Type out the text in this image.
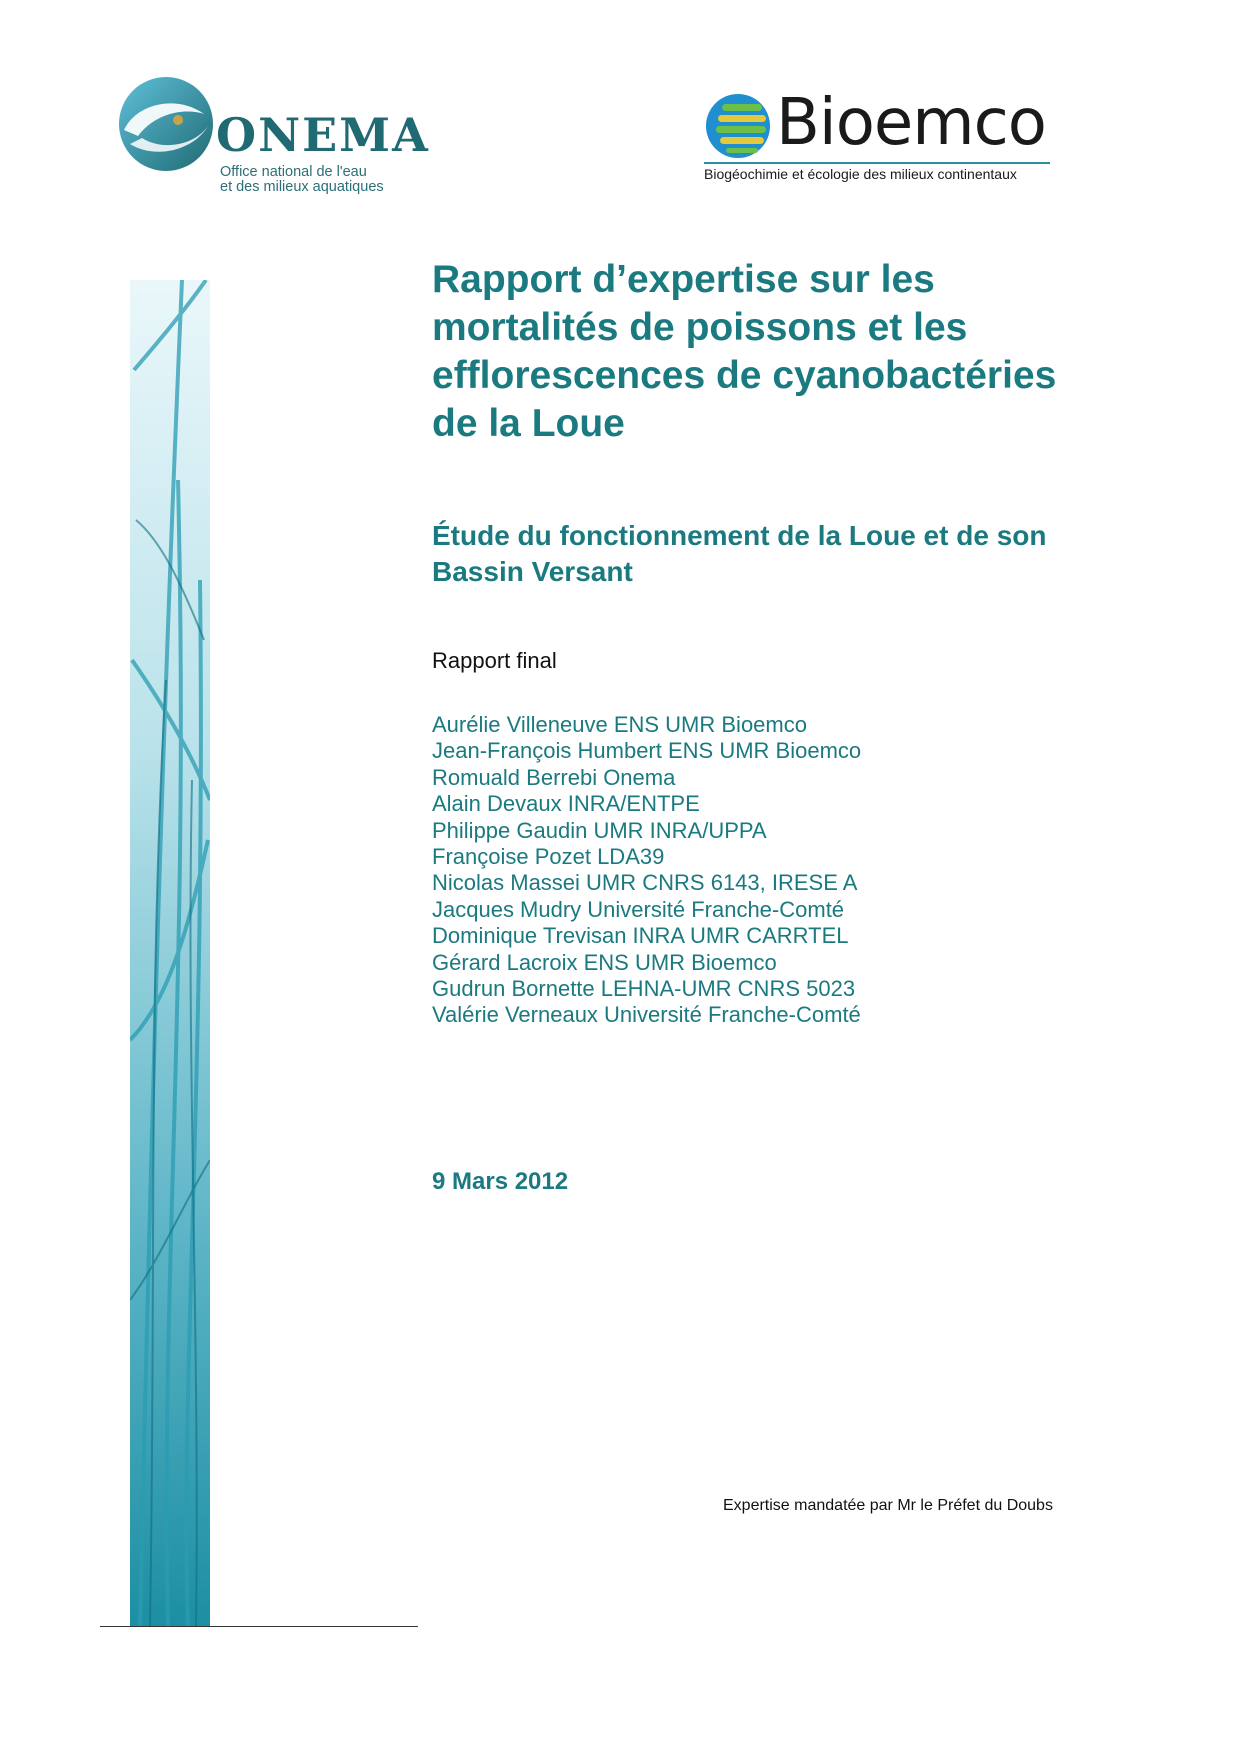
ONEMA
Office national de l'eau
et des milieux aquatiques
Bioemco
Biogéochimie et écologie des milieux continentaux
Rapport d’expertise sur les mortalités de poissons et les efflorescences de cyanobactéries de la Loue
Étude du fonctionnement de la Loue et de son Bassin Versant
Rapport final
Aurélie Villeneuve ENS UMR Bioemco
Jean-François Humbert ENS UMR Bioemco
Romuald Berrebi Onema
Alain Devaux INRA/ENTPE
Philippe Gaudin UMR INRA/UPPA
Françoise Pozet LDA39
Nicolas Massei UMR CNRS 6143, IRESE A
Jacques Mudry Université Franche-Comté
Dominique Trevisan INRA UMR CARRTEL
Gérard Lacroix ENS UMR Bioemco
Gudrun Bornette LEHNA-UMR CNRS 5023
Valérie Verneaux Université Franche-Comté
9 Mars 2012
Expertise mandatée par Mr le Préfet du Doubs
